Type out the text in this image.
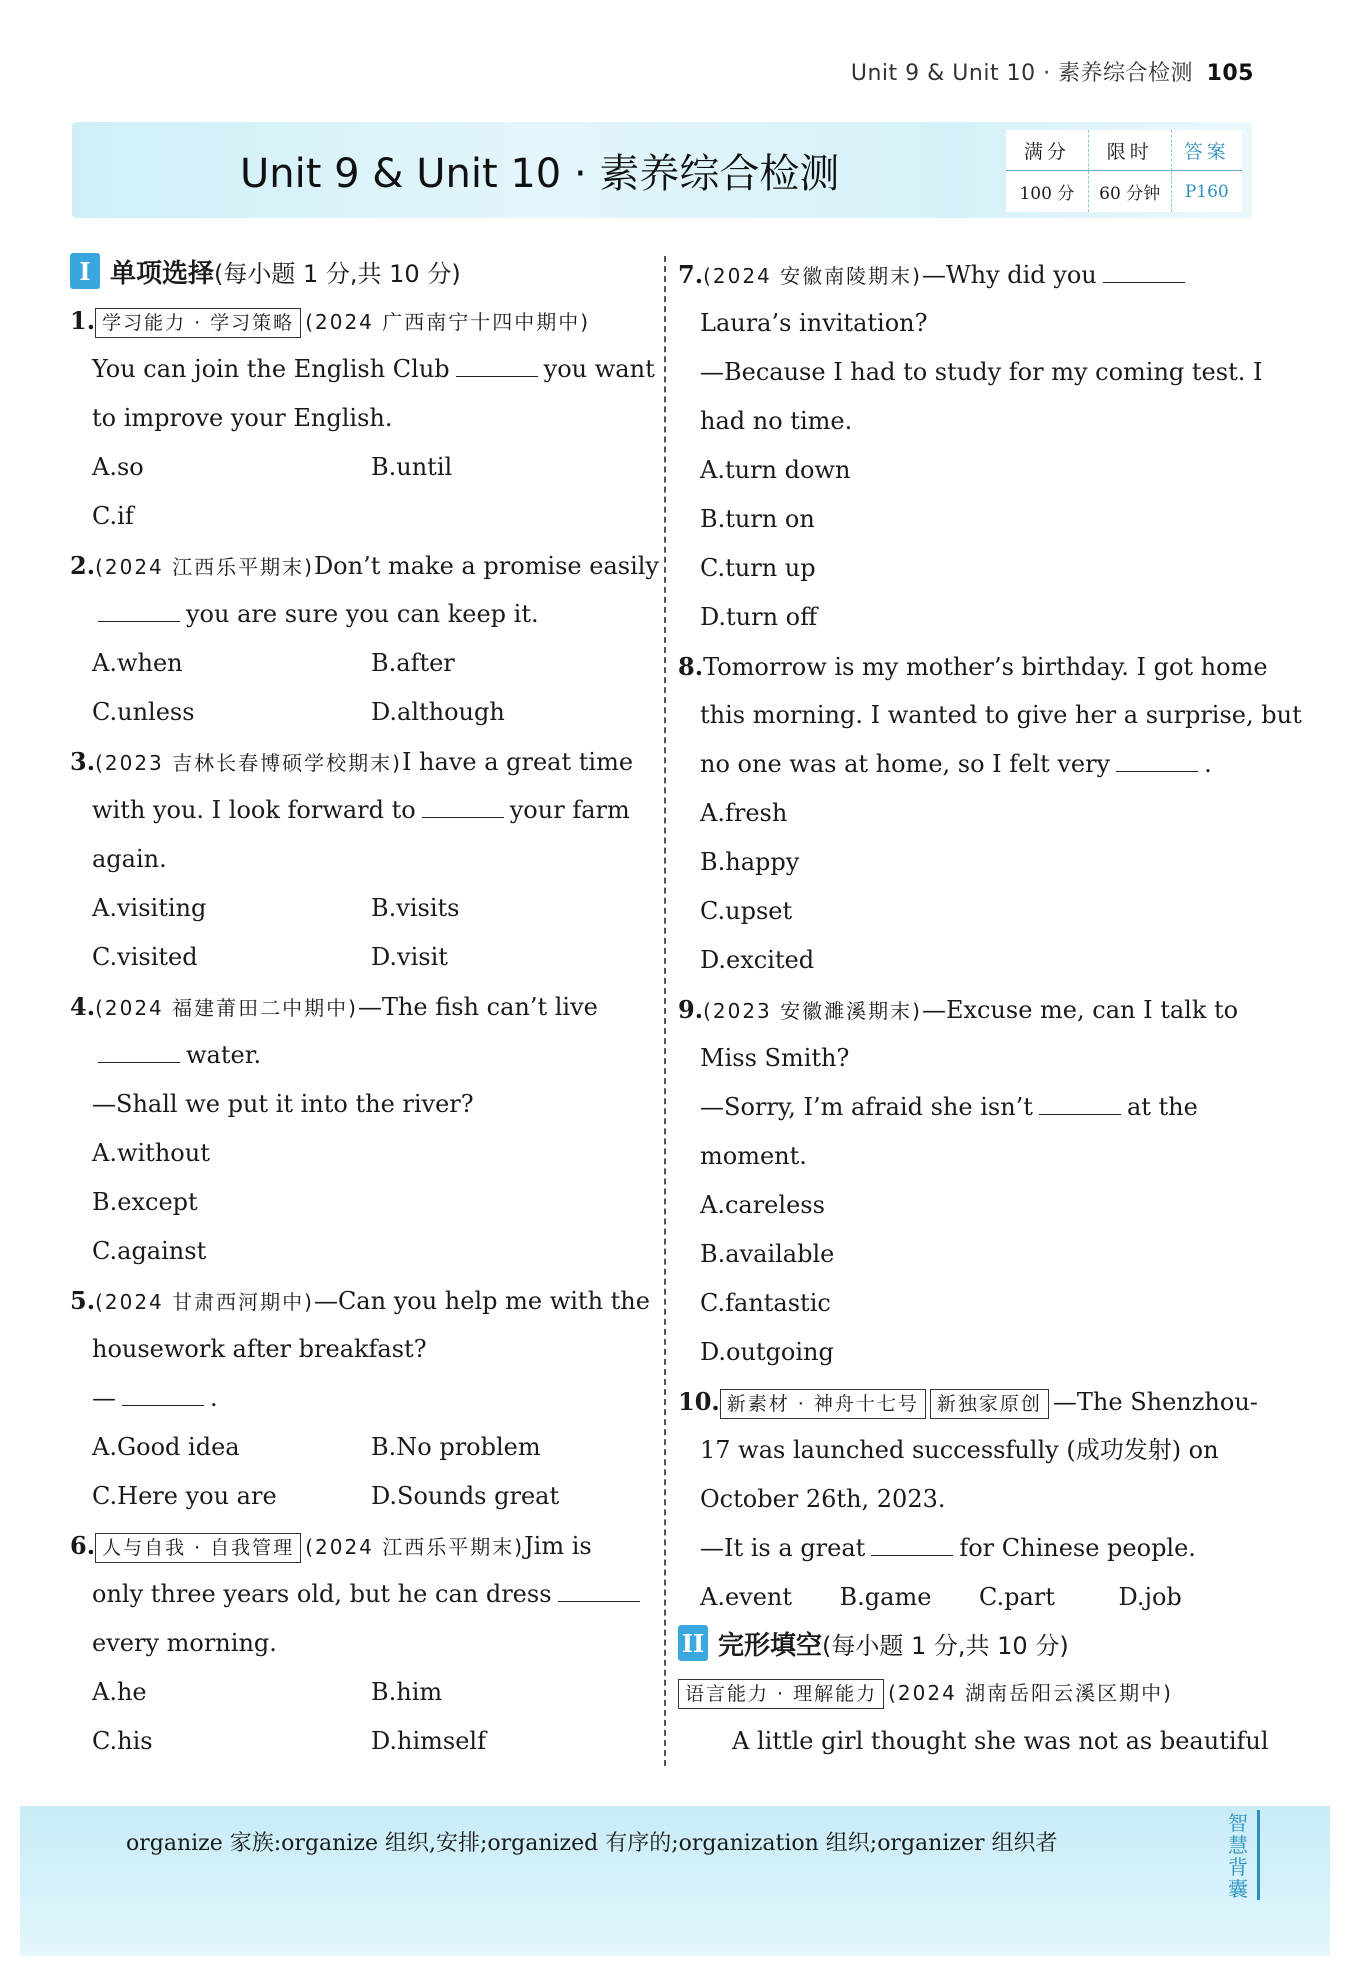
Unit 9 & Unit 10 · 素养综合检测 105
Unit 9 & Unit 10 · 素养综合检测	满分	限时	答案
100 分	60 分钟	P160
I 单项选择 (每小题 1 分,共 10 分)
1. 学习能力 · 学习策略 (2024 广西南宁十四中期中)
You can join the English Club	you want
to improve your English.
A.so	B.until
C.if
2.(2024 江西乐平期末)Don’t make a promise easily
you are sure you can keep it.
A.when	B.after
C.unless	D.although
3.(2023 吉林长春博硕学校期末)I have a great time
with you. I look forward to	your farm
again.
A.visiting	B.visits
C.visited	D.visit
4.(2024 福建莆田二中期中)—The fish can’t live
water.
—Shall we put it into the river?
A.without
B.except
C.against
5.(2024 甘肃西河期中)—Can you help me with the
housework after breakfast?
—	.
A.Good idea	B.No problem
C.Here you are	D.Sounds great
6. 人与自我 · 自我管理 (2024 江西乐平期末)Jim is
only three years old, but he can dress
every morning.
A.he	B.him
C.his	D.himself
7.(2024 安徽南陵期末)—Why did you
Laura’s invitation?
—Because I had to study for my coming test. I
had no time.
A.turn down
B.turn on
C.turn up
D.turn off
8.Tomorrow is my mother’s birthday. I got home
this morning. I wanted to give her a surprise, but
no one was at home, so I felt very	.
A.fresh
B.happy
C.upset
D.excited
9.(2023 安徽濉溪期末)—Excuse me, can I talk to
Miss Smith?
—Sorry, I’m afraid she isn’t	at the
moment.
A.careless
B.available
C.fantastic
D.outgoing
10. 新素材 · 神舟十七号 新独家原创 —The Shenzhou-
17 was launched successfully (成功发射) on
October 26th, 2023.
—It is a great	for Chinese people.
A.event	B.game	C.part	D.job
II 完形填空 (每小题 1 分,共 10 分)
语言能力 · 理解能力 (2024 湖南岳阳云溪区期中)
A little girl thought she was not as beautiful
organize 家族:organize 组织,安排;organized 有序的;organization 组织;organizer 组织者
智慧背囊
